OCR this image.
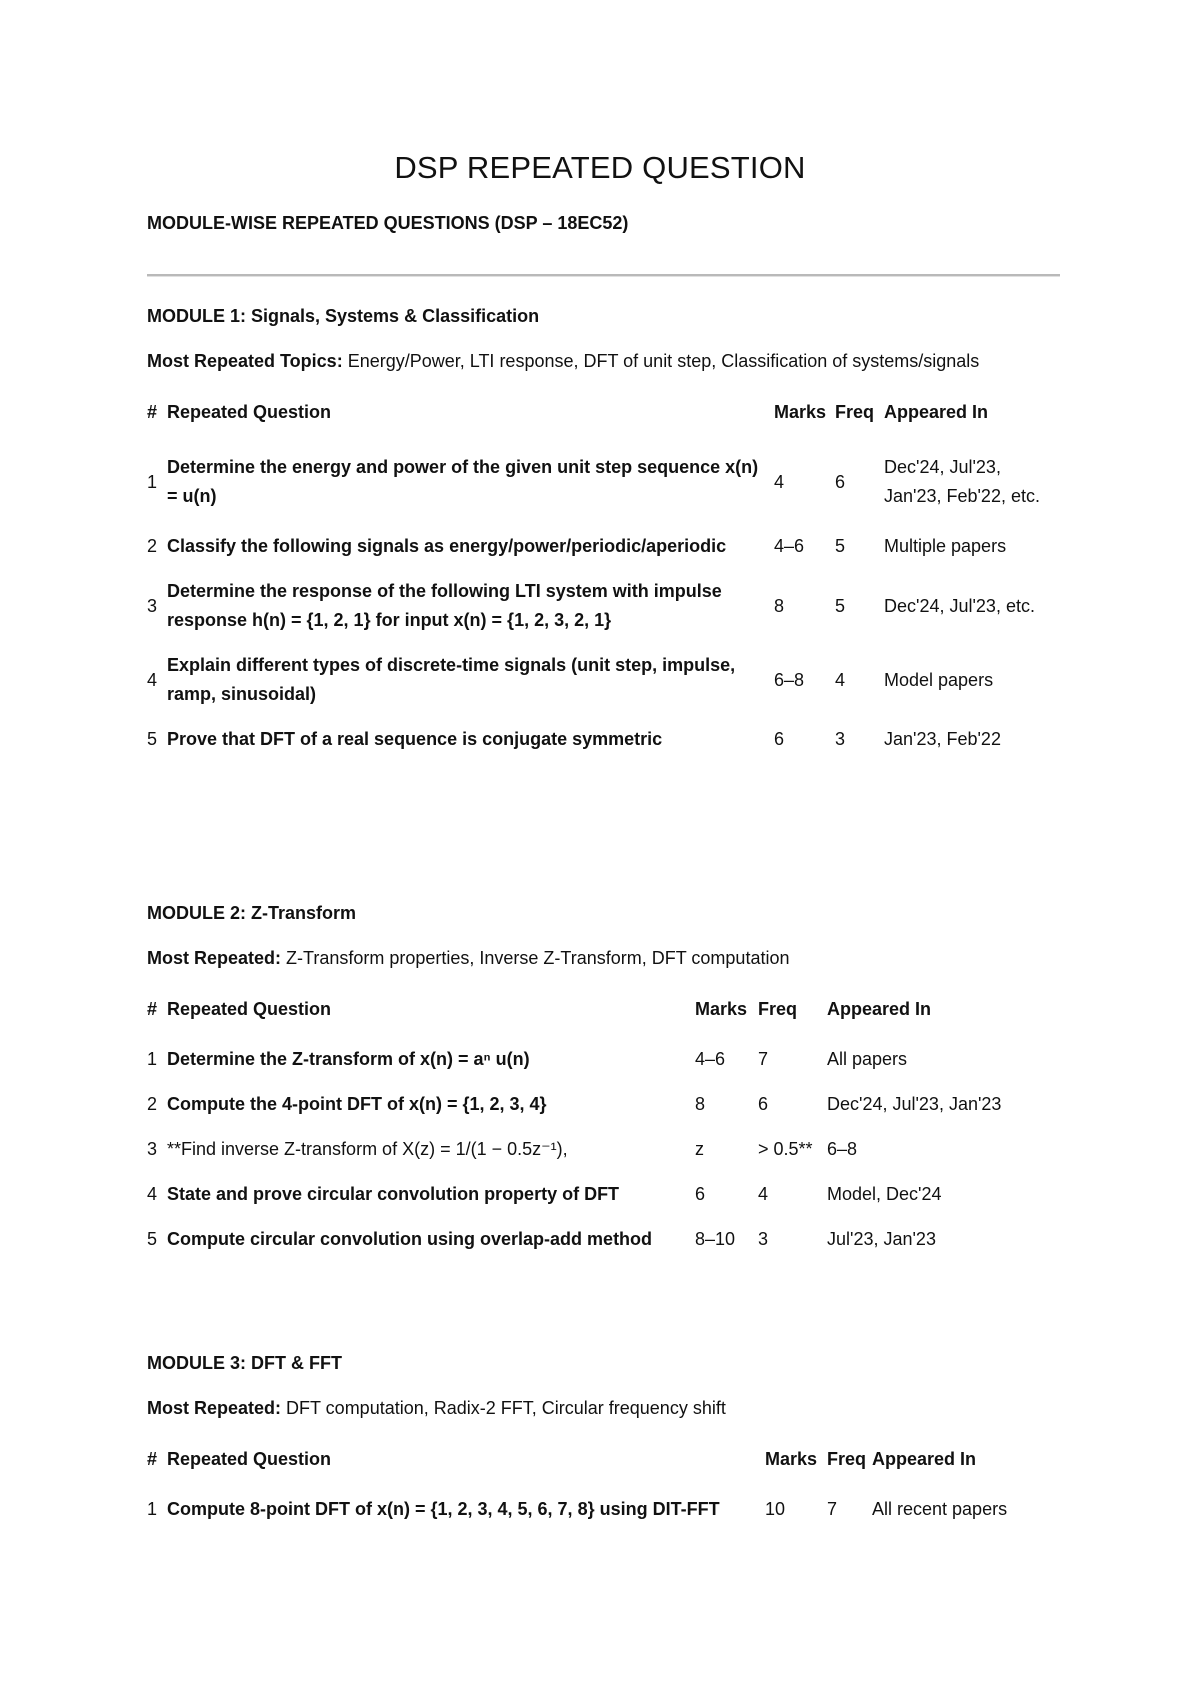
DSP REPEATED QUESTION
MODULE-WISE REPEATED QUESTIONS (DSP – 18EC52)
MODULE 1: Signals, Systems & Classification
Most Repeated Topics: Energy/Power, LTI response, DFT of unit step, Classification of systems/signals
#	Repeated Question	Marks	Freq	Appeared In
1	Determine the energy and power of the given unit step sequence x(n) = u(n)	4	6	Dec'24, Jul'23, Jan'23, Feb'22, etc.
2	Classify the following signals as energy/power/periodic/aperiodic	4–6	5	Multiple papers
3	Determine the response of the following LTI system with impulse response h(n) = {1, 2, 1} for input x(n) = {1, 2, 3, 2, 1}	8	5	Dec'24, Jul'23, etc.
4	Explain different types of discrete-time signals (unit step, impulse, ramp, sinusoidal)	6–8	4	Model papers
5	Prove that DFT of a real sequence is conjugate symmetric	6	3	Jan'23, Feb'22
MODULE 2: Z-Transform
Most Repeated: Z-Transform properties, Inverse Z-Transform, DFT computation
#	Repeated Question	Marks	Freq	Appeared In
1	Determine the Z-transform of x(n) = aⁿ u(n)	4–6	7	All papers
2	Compute the 4-point DFT of x(n) = {1, 2, 3, 4}	8	6	Dec'24, Jul'23, Jan'23
3	**Find inverse Z-transform of X(z) = 1/(1 − 0.5z⁻¹),	z	> 0.5**	6–8
4	State and prove circular convolution property of DFT	6	4	Model, Dec'24
5	Compute circular convolution using overlap-add method	8–10	3	Jul'23, Jan'23
MODULE 3: DFT & FFT
Most Repeated: DFT computation, Radix-2 FFT, Circular frequency shift
#	Repeated Question	Marks	Freq	Appeared In
1	Compute 8-point DFT of x(n) = {1, 2, 3, 4, 5, 6, 7, 8} using DIT-FFT	10	7	All recent papers
